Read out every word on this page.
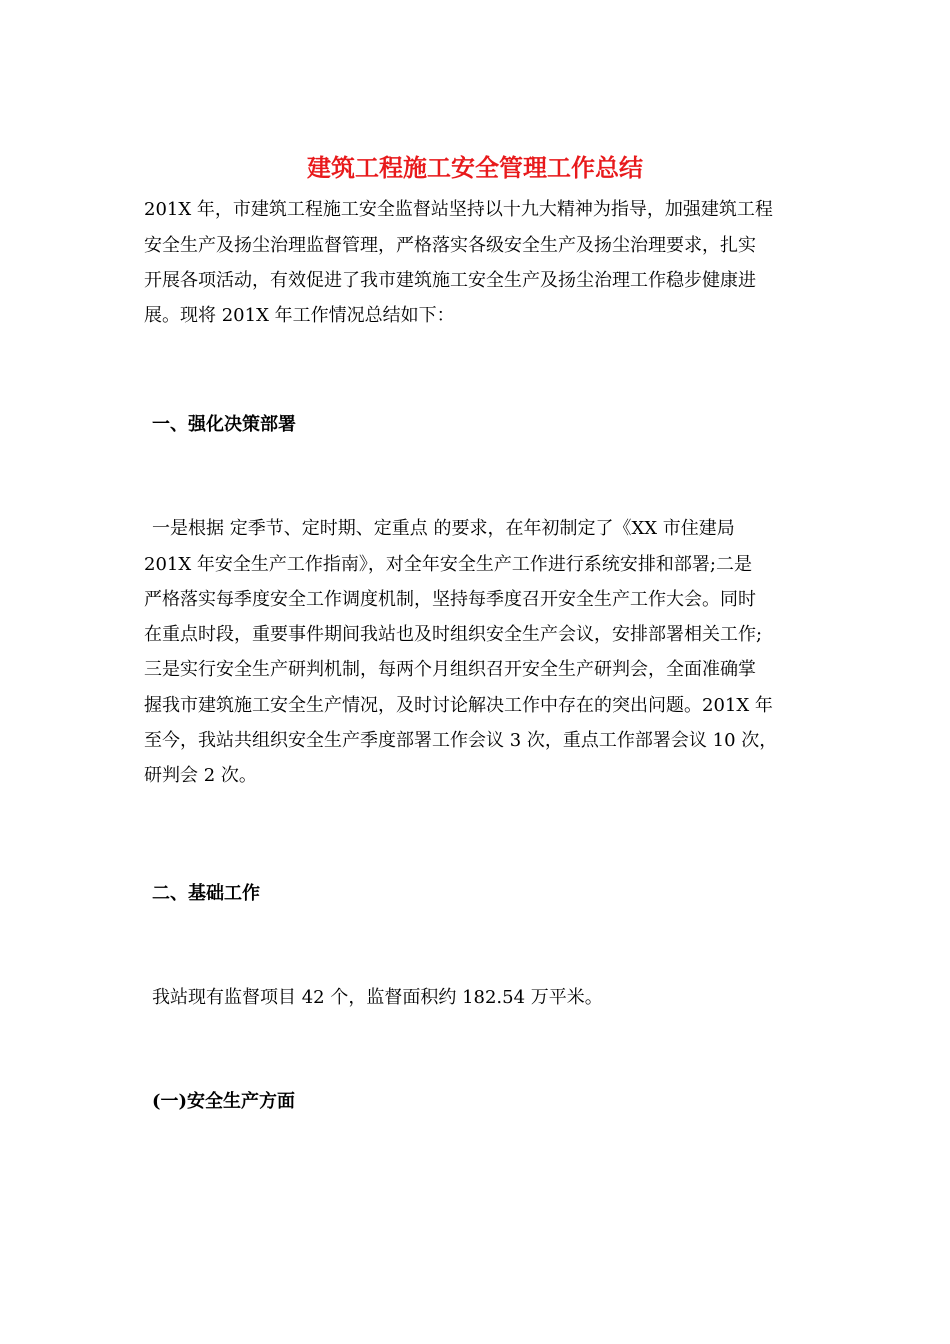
建筑工程施工安全管理工作总结

201X 年，市建筑工程施工安全监督站坚持以十九大精神为指导，加强建筑工程

安全生产及扬尘治理监督管理，严格落实各级安全生产及扬尘治理要求，扎实

开展各项活动，有效促进了我市建筑施工安全生产及扬尘治理工作稳步健康进

展。现将 201X 年工作情况总结如下：

一、强化决策部署

一是根据 定季节、定时期、定重点 的要求，在年初制定了《XX 市住建局

201X 年安全生产工作指南》，对全年安全生产工作进行系统安排和部署;二是

严格落实每季度安全工作调度机制，坚持每季度召开安全生产工作大会。同时

在重点时段，重要事件期间我站也及时组织安全生产会议，安排部署相关工作;

三是实行安全生产研判机制，每两个月组织召开安全生产研判会，全面准确掌

握我市建筑施工安全生产情况，及时讨论解决工作中存在的突出问题。201X 年

至今，我站共组织安全生产季度部署工作会议 3 次，重点工作部署会议 10 次，

研判会 2 次。

二、基础工作

我站现有监督项目 42 个，监督面积约 182.54 万平米。

(一)安全生产方面
